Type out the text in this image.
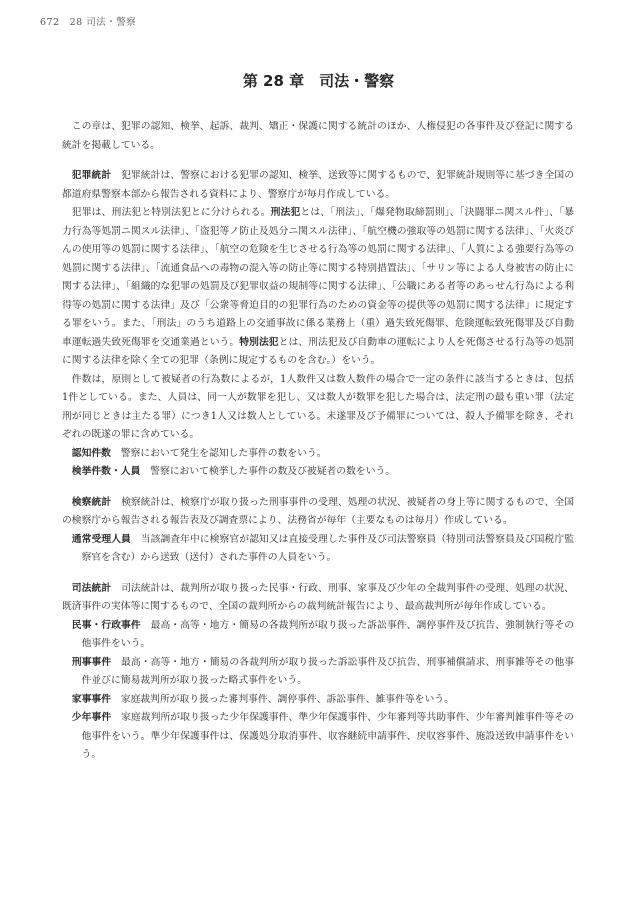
672　28 司法・警察
第 28 章　司法・警察

この章は、犯罪の認知、検挙、起訴、裁判、矯正・保護に関する統計のほか、人権侵犯の各事件及び登記に関する統計を掲載している。

犯罪統計　 犯罪統計は、警察における犯罪の認知、検挙、送致等に関するもので、犯罪統計規則等に基づき全国の都道府県警察本部から報告される資料により、警察庁が毎月作成している。

犯罪は、刑法犯と特別法犯とに分けられる。刑法犯とは、「刑法」、「爆発物取締罰則」、「決闘罪ニ関スル件」、「暴力行為等処罰ニ関スル法律」、「盗犯等ノ防止及処分ニ関スル法律」、「航空機の強取等の処罰に関する法律」、「火炎びんの使用等の処罰に関する法律」、「航空の危険を生じさせる行為等の処罰に関する法律」、「人質による強要行為等の処罰に関する法律」、「流通食品への毒物の混入等の防止等に関する特別措置法」、「サリン等による人身被害の防止に関する法律」、「組織的な犯罪の処罰及び犯罪収益の規制等に関する法律」、「公職にある者等のあっせん行為による利得等の処罰に関する法律」及び「公衆等脅迫目的の犯罪行為のための資金等の提供等の処罰に関する法律」に規定する罪をいう。また、「刑法」のうち道路上の交通事故に係る業務上（重）過失致死傷罪、危険運転致死傷罪及び自動車運転過失致死傷罪を交通業過という。特別法犯とは、刑法犯及び自動車の運転により人を死傷させる行為等の処罰に関する法律を除く全ての犯罪（条例に規定するものを含む。）をいう。

件数は，原則として被疑者の行為数によるが，1人数件又は数人数件の場合で一定の条件に該当するときは、包括1件としている。また、人員は、同一人が数罪を犯し、又は数人が数罪を犯した場合は、法定刑の最も重い罪（法定刑が同じときは主たる罪）につき1人又は数人としている。未遂罪及び予備罪については、殺人予備罪を除き、それぞれの既遂の罪に含めている。

認知件数　 警察において発生を認知した事件の数をいう。

検挙件数・人員　 警察において検挙した事件の数及び被疑者の数をいう。

検察統計　 検察統計は、検察庁が取り扱った刑事事件の受理、処理の状況、被疑者の身上等に関するもので、全国の検察庁から報告される報告表及び調査票により、法務省が毎年（主要なものは毎月）作成している。

通常受理人員　 当該調査年中に検察官が認知又は直接受理した事件及び司法警察員（特別司法警察員及び国税庁監察官を含む）から送致（送付）された事件の人員をいう。

司法統計　 司法統計は、裁判所が取り扱った民事・行政、刑事、家事及び少年の全裁判事件の受理、処理の状況、既済事件の実体等に関するもので、全国の裁判所からの裁判統計報告により、最高裁判所が毎年作成している。

民事・行政事件　 最高・高等・地方・簡易の各裁判所が取り扱った訴訟事件、調停事件及び抗告、強制執行等その他事件をいう。

刑事事件　 最高・高等・地方・簡易の各裁判所が取り扱った訴訟事件及び抗告、刑事補償請求、刑事雑等その他事件並びに簡易裁判所が取り扱った略式事件をいう。

家事事件　 家庭裁判所が取り扱った審判事件、調停事件、訴訟事件、雑事件等をいう。

少年事件　 家庭裁判所が取り扱った少年保護事件、準少年保護事件、少年審判等共助事件、少年審判雑事件等その他事件をいう。準少年保護事件は、保護処分取消事件、収容継続申請事件、戻収容事件、施設送致申請事件をいう。
